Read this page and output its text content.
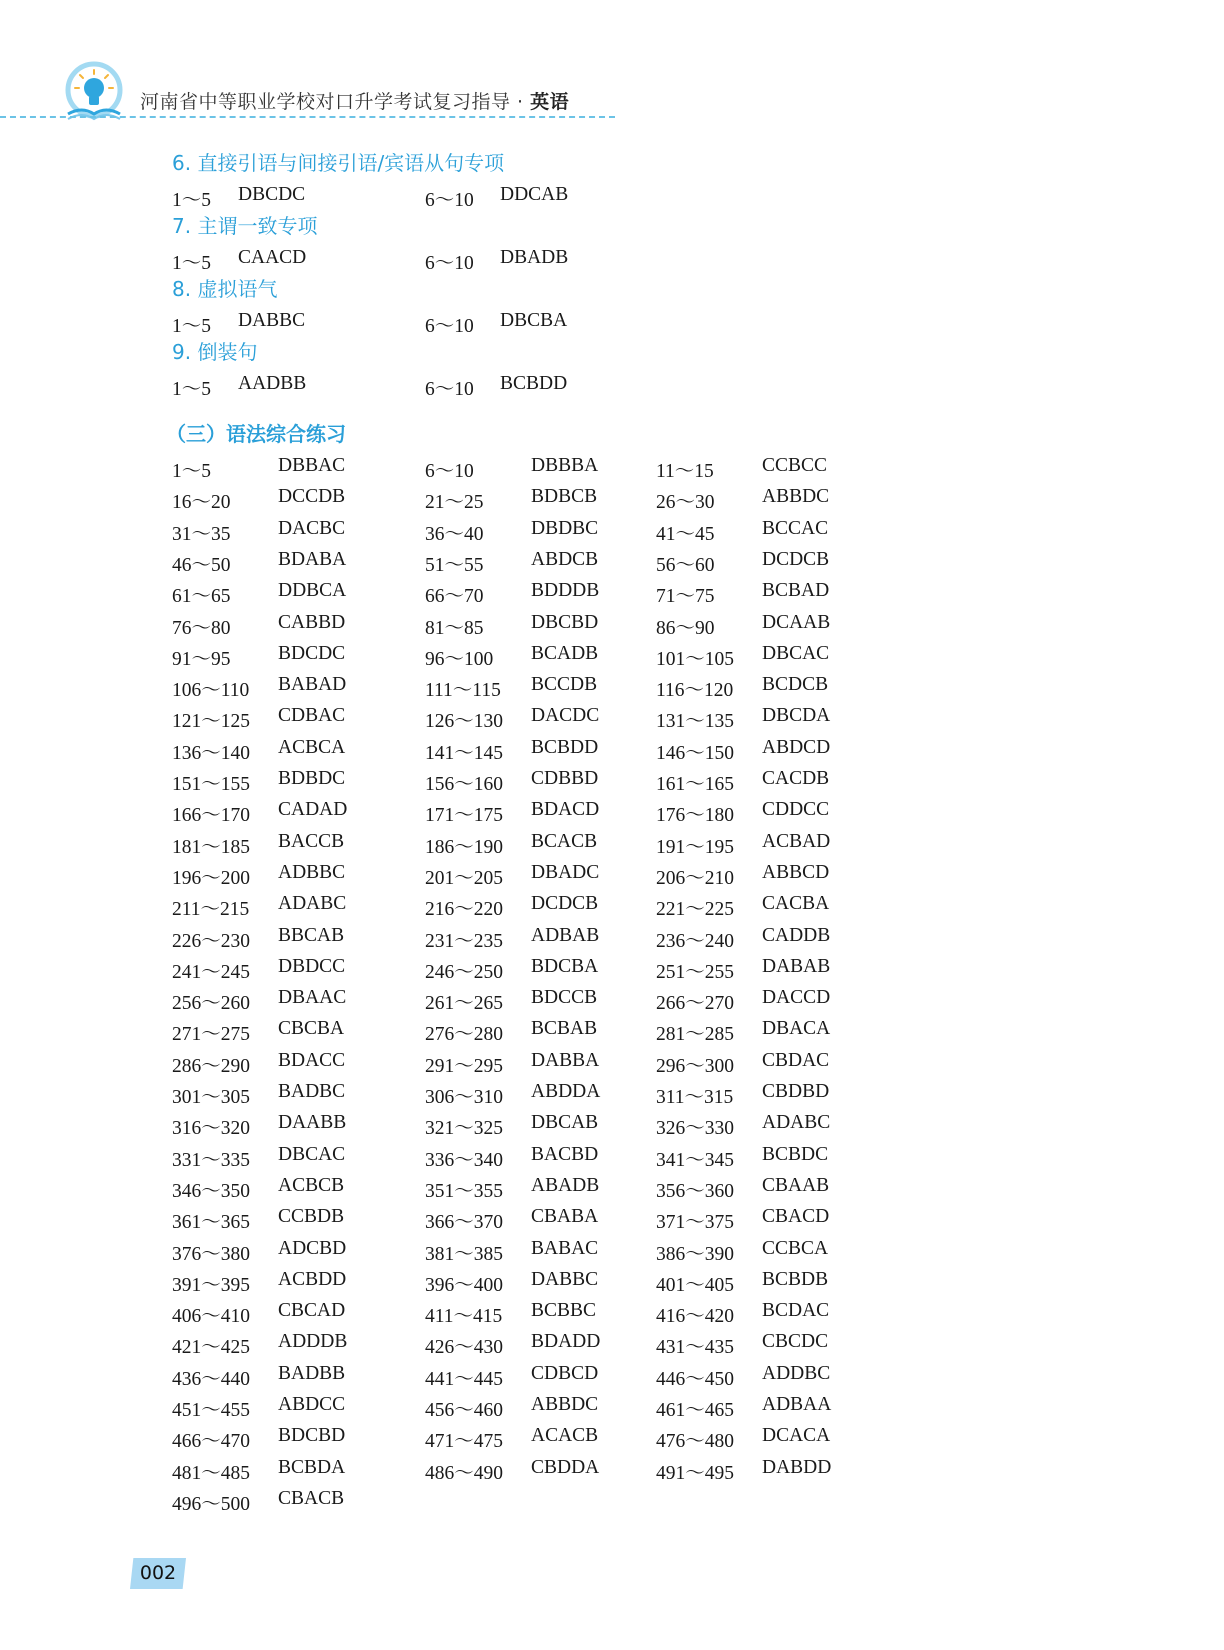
河南省中等职业学校对口升学考试复习指导 · 英语
6. 直接引语与间接引语/宾语从句专项
1～5 DBCDC	6～10 DDCAB
7. 主谓一致专项
1～5 CAACD	6～10 DBADB
8. 虚拟语气
1～5 DABBC	6～10 DBCBA
9. 倒装句
1～5 AADBB	6～10 BCBDD
（三）语法综合练习
1～5	DBBAC	6～10	DBBBA	11～15 CCBCC
16～20 DCCDB	21～25 BDBCB	26～30 ABBDC
31～35 DACBC	36～40 DBDBC	41～45 BCCAC
46～50 BDABA	51～55 ABDCB	56～60 DCDCB
61～65 DDBCA	66～70 BDDDB	71～75 BCBAD
76～80 CABBD	81～85 DBCBD	86～90 DCAAB
91～95 BDCDC	96～100 BCADB	101～105 DBCAC
106～110 BABAD	111～115 BCCDB	116～120 BCDCB
121～125 CDBAC	126～130 DACDC	131～135 DBCDA
136～140 ACBCA	141～145 BCBDD	146～150 ABDCD
151～155 BDBDC	156～160 CDBBD	161～165 CACDB
166～170 CADAD	171～175 BDACD	176～180 CDDCC
181～185 BACCB	186～190 BCACB	191～195 ACBAD
196～200 ADBBC	201～205 DBADC	206～210 ABBCD
211～215 ADABC	216～220 DCDCB	221～225 CACBA
226～230 BBCAB	231～235 ADBAB	236～240 CADDB
241～245 DBDCC	246～250 BDCBA	251～255 DABAB
256～260 DBAAC	261～265 BDCCB	266～270 DACCD
271～275 CBCBA	276～280 BCBAB	281～285 DBACA
286～290 BDACC	291～295 DABBA	296～300 CBDAC
301～305 BADBC	306～310 ABDDA	311～315 CBDBD
316～320 DAABB	321～325 DBCAB	326～330 ADABC
331～335 DBCAC	336～340 BACBD	341～345 BCBDC
346～350 ACBCB	351～355 ABADB	356～360 CBAAB
361～365 CCBDB	366～370 CBABA	371～375 CBACD
376～380 ADCBD	381～385 BABAC	386～390 CCBCA
391～395 ACBDD	396～400 DABBC	401～405 BCBDB
406～410 CBCAD	411～415 BCBBC	416～420 BCDAC
421～425 ADDDB	426～430 BDADD	431～435 CBCDC
436～440 BADBB	441～445 CDBCD	446～450 ADDBC
451～455 ABDCC	456～460 ABBDC	461～465 ADBAA
466～470 BDCBD	471～475 ACACB	476～480 DCACA
481～485 BCBDA	486～490 CBDDA	491～495 DABDD
496～500 CBACB
002
